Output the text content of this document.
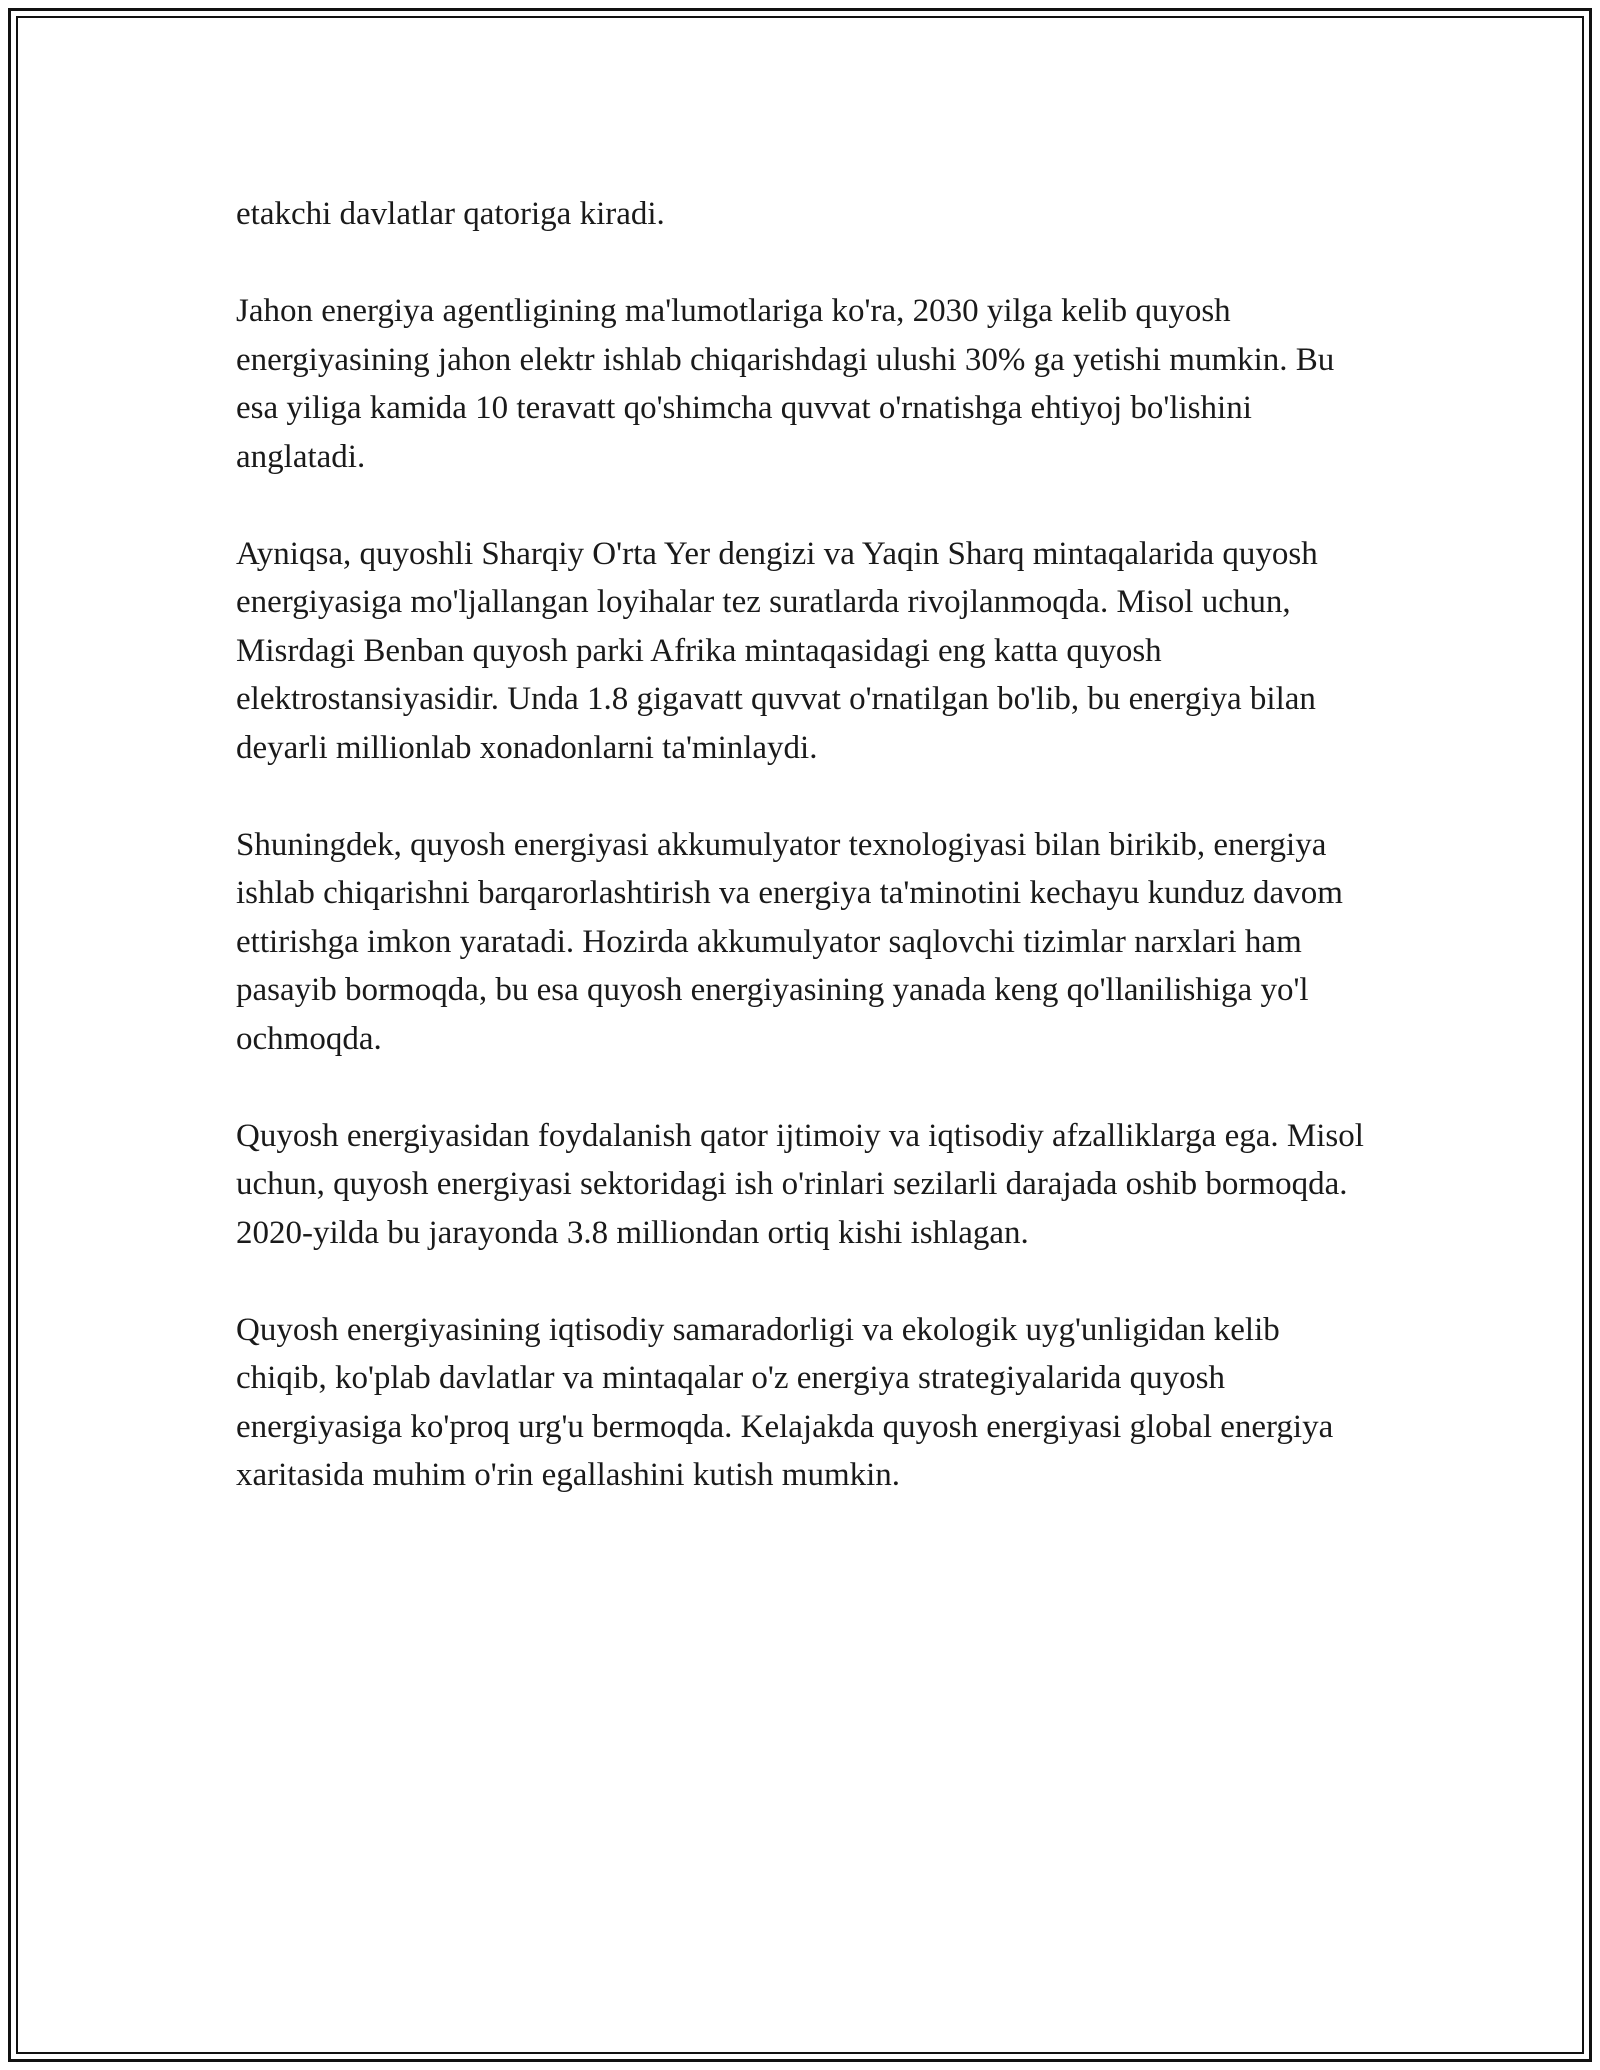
etakchi davlatlar qatoriga kiradi.

Jahon energiya agentligining ma'lumotlariga ko'ra, 2030 yilga kelib quyosh energiyasining jahon elektr ishlab chiqarishdagi ulushi 30% ga yetishi mumkin. Bu esa yiliga kamida 10 teravatt qo'shimcha quvvat o'rnatishga ehtiyoj bo'lishini anglatadi.

Ayniqsa, quyoshli Sharqiy O'rta Yer dengizi va Yaqin Sharq mintaqalarida quyosh energiyasiga mo'ljallangan loyihalar tez suratlarda rivojlanmoqda. Misol uchun, Misrdagi Benban quyosh parki Afrika mintaqasidagi eng katta quyosh elektrostansiyasidir. Unda 1.8 gigavatt quvvat o'rnatilgan bo'lib, bu energiya bilan deyarli millionlab xonadonlarni ta'minlaydi.

Shuningdek, quyosh energiyasi akkumulyator texnologiyasi bilan birikib, energiya ishlab chiqarishni barqarorlashtirish va energiya ta'minotini kechayu kunduz davom ettirishga imkon yaratadi. Hozirda akkumulyator saqlovchi tizimlar narxlari ham pasayib bormoqda, bu esa quyosh energiyasining yanada keng qo'llanilishiga yo'l ochmoqda.

Quyosh energiyasidan foydalanish qator ijtimoiy va iqtisodiy afzalliklarga ega. Misol uchun, quyosh energiyasi sektoridagi ish o'rinlari sezilarli darajada oshib bormoqda. 2020-yilda bu jarayonda 3.8 milliondan ortiq kishi ishlagan.

Quyosh energiyasining iqtisodiy samaradorligi va ekologik uyg'unligidan kelib chiqib, ko'plab davlatlar va mintaqalar o'z energiya strategiyalarida quyosh energiyasiga ko'proq urg'u bermoqda. Kelajakda quyosh energiyasi global energiya xaritasida muhim o'rin egallashini kutish mumkin.
